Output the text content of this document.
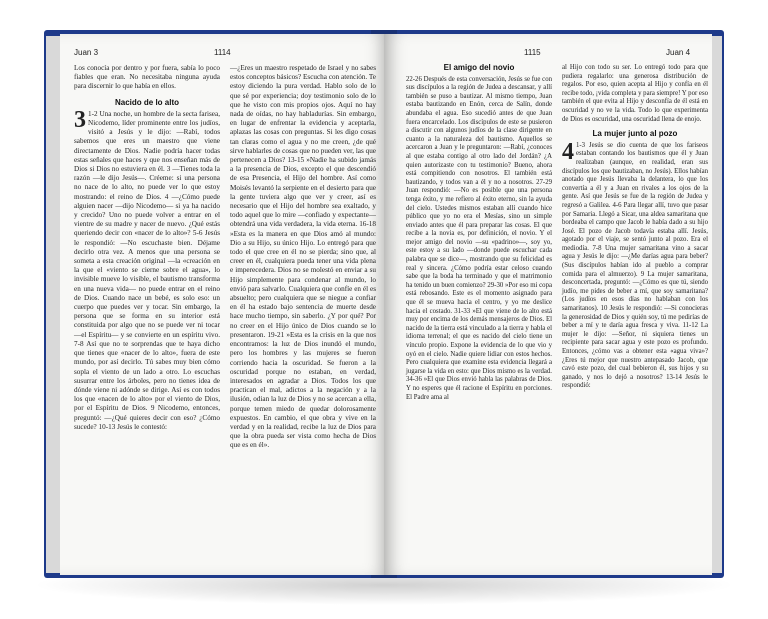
Juan 3	1114

Los conocía por dentro y por fuera, sabía lo poco fiables que eran. No necesitaba ninguna ayuda para discernir lo que había en ellos.

Nacido de lo alto

3 1-2 Una noche, un hombre de la secta farisea, Nicodemo, líder prominente entre los judíos, visitó a Jesús y le dijo: —Rabí, todos sabemos que eres un maestro que viene directamente de Dios. Nadie podría hacer todas estas señales que haces y que nos enseñan más de Dios si Dios no estuviera en él. 3 —Tienes toda la razón —le dijo Jesús—. Créeme: si una persona no nace de lo alto, no puede ver lo que estoy mostrando: el reino de Dios. 4 —¿Cómo puede alguien nacer —dijo Nicodemo— si ya ha nacido y crecido? Uno no puede volver a entrar en el vientre de su madre y nacer de nuevo. ¿Qué estás queriendo decir con «nacer de lo alto»? 5-6 Jesús le respondió: —No escuchaste bien. Déjame decirlo otra vez. A menos que una persona se someta a esta creación original —la «creación en la que el «viento se cierne sobre el agua», lo invisible mueve lo visible, el bautismo transforma en una nueva vida— no puede entrar en el reino de Dios. Cuando nace un bebé, es solo eso: un cuerpo que puedes ver y tocar. Sin embargo, la persona que se forma en su interior está constituida por algo que no se puede ver ni tocar —el Espíritu— y se convierte en un espíritu vivo. 7-8 Así que no te sorprendas que te haya dicho que tienes que «nacer de lo alto», fuera de este mundo, por así decirlo. Tú sabes muy bien cómo sopla el viento de un lado a otro. Lo escuchas susurrar entre los árboles, pero no tienes idea de dónde viene ni adónde se dirige. Así es con todos los que «nacen de lo alto» por el viento de Dios, por el Espíritu de Dios. 9 Nicodemo, entonces, preguntó: —¿Qué quieres decir con eso? ¿Cómo sucede? 10-13 Jesús le contestó:

—¿Eres un maestro respetado de Israel y no sabes estos conceptos básicos? Escucha con atención. Te estoy diciendo la pura verdad. Hablo solo de lo que sé por experiencia; doy testimonio solo de lo que he visto con mis propios ojos. Aquí no hay nada de oídas, no hay habladurías. Sin embargo, en lugar de enfrentar la evidencia y aceptarla, aplazas las cosas con preguntas. Si les digo cosas tan claras como el agua y no me creen, ¿de qué sirve hablarles de cosas que no pueden ver, las que pertenecen a Dios? 13-15 »Nadie ha subido jamás a la presencia de Dios, excepto el que descendió de esa Presencia, el Hijo del hombre. Así como Moisés levantó la serpiente en el desierto para que la gente tuviera algo que ver y creer, así es necesario que el Hijo del hombre sea exaltado, y todo aquel que lo mire —confiado y expectante— obtendrá una vida verdadera, la vida eterna. 16-18 »Esta es la manera en que Dios amó al mundo: Dio a su Hijo, su único Hijo. Lo entregó para que todo el que cree en él no se pierda; sino que, al creer en él, cualquiera pueda tener una vida plena e imperecedera. Dios no se molestó en enviar a su Hijo simplemente para condenar al mundo, lo envió para salvarlo. Cualquiera que confíe en él es absuelto; pero cualquiera que se niegue a confiar en él ha estado bajo sentencia de muerte desde hace mucho tiempo, sin saberlo. ¿Y por qué? Por no creer en el Hijo único de Dios cuando se lo presentaron. 19-21 »Esta es la crisis en la que nos encontramos: la luz de Dios inundó el mundo, pero los hombres y las mujeres se fueron corriendo hacia la oscuridad. Se fueron a la oscuridad porque no estaban, en verdad, interesados en agradar a Dios. Todos los que practican el mal, adictos a la negación y a la ilusión, odian la luz de Dios y no se acercan a ella, porque temen miedo de quedar dolorosamente expuestos. En cambio, el que obra y vive en la verdad y en la realidad, recibe la luz de Dios para que la obra pueda ser vista como hecha de Dios que es en él».

1115	Juan 4
El amigo del novio

22-26 Después de esta conversación, Jesús se fue con sus discípulos a la región de Judea a descansar, y allí también se puso a bautizar. Al mismo tiempo, Juan estaba bautizando en Enón, cerca de Salín, donde abundaba el agua. Eso sucedió antes de que Juan fuera encarcelado. Los discípulos de este se pusieron a discutir con algunos judíos de la clase dirigente en cuanto a la naturaleza del bautismo. Aquellos se acercaron a Juan y le preguntaron: —Rabí, ¿conoces al que estaba contigo al otro lado del Jordán? ¿A quien autorizaste con tu testimonio? Bueno, ahora está compitiendo con nosotros. El también está bautizando, y todos van a él y no a nosotros. 27-29 Juan respondió: —No es posible que una persona tenga éxito, y me refiero al éxito eterno, sin la ayuda del cielo. Ustedes mismos estaban allí cuando hice público que yo no era el Mesías, sino un simple enviado antes que él para preparar las cosas. El que recibe a la novia es, por definición, el novio. Y el mejor amigo del novio —su «padrino»—, soy yo, este estoy a su lado —donde puede escuchar cada palabra que se dice—, mostrando que su felicidad es real y sincera. ¿Cómo podría estar celoso cuando sabe que la boda ha terminado y que el matrimonio ha tenido un buen comienzo? 29-30 »Por eso mi copa está rebosando. Este es el momento asignado para que él se mueva hacia el centro, y yo me deslice hacia el costado. 31-33 »El que viene de lo alto está muy por encima de los demás mensajeros de Dios. El nacido de la tierra está vinculado a la tierra y habla el idioma terrenal; el que es nacido del cielo tiene un vínculo propio. Expone la evidencia de lo que vio y oyó en el cielo. Nadie quiere lidiar con estos hechos. Pero cualquiera que examine esta evidencia llegará a jugarse la vida en esto: que Dios mismo es la verdad. 34-36 »El que Dios envió habla las palabras de Dios. Y no esperes que él racione el Espíritu en porciones. El Padre ama al

al Hijo con todo su ser. Lo entregó todo para que pudiera regalarlo: una generosa distribución de regalos. Por eso, quien acepta al Hijo y confía en él recibe todo, ¡vida completa y para siempre! Y por eso también el que evita al Hijo y desconfía de él está en oscuridad y no ve la vida. Todo lo que experimenta de Dios es oscuridad, una oscuridad llena de enojo.

La mujer junto al pozo

4 1-3 Jesús se dio cuenta de que los fariseos estaban contando los bautismos que él y Juan realizaban (aunque, en realidad, eran sus discípulos los que bautizaban, no Jesús). Ellos habían anotado que Jesús llevaba la delantera, lo que los convertía a él y a Juan en rivales a los ojos de la gente. Así que Jesús se fue de la región de Judea y regresó a Galilea. 4-6 Para llegar allí, tuvo que pasar por Samaria. Llegó a Sicar, una aldea samaritana que bordeaba el campo que Jacob le había dado a su hijo José. El pozo de Jacob todavía estaba allí. Jesús, agotado por el viaje, se sentó junto al pozo. Era el mediodía. 7-8 Una mujer samaritana vino a sacar agua y Jesús le dijo: —¿Me darías agua para beber? (Sus discípulos habían ido al pueblo a comprar comida para el almuerzo). 9 La mujer samaritana, desconcertada, preguntó: —¿Cómo es que tú, siendo judío, me pides de beber a mí, que soy samaritana? (Los judíos en esos días no hablaban con los samaritanos). 10 Jesús le respondió: —Si conocieras la generosidad de Dios y quién soy, tú me pedirías de beber a mí y te daría agua fresca y viva. 11-12 La mujer le dijo: —Señor, ni siquiera tienes un recipiente para sacar agua y este pozo es profundo. Entonces, ¿cómo vas a obtener esta «agua viva»? ¿Eres tú mejor que nuestro antepasado Jacob, que cavó este pozo, del cual bebieron él, sus hijos y su ganado, y nos lo dejó a nosotros? 13-14 Jesús le respondió:
